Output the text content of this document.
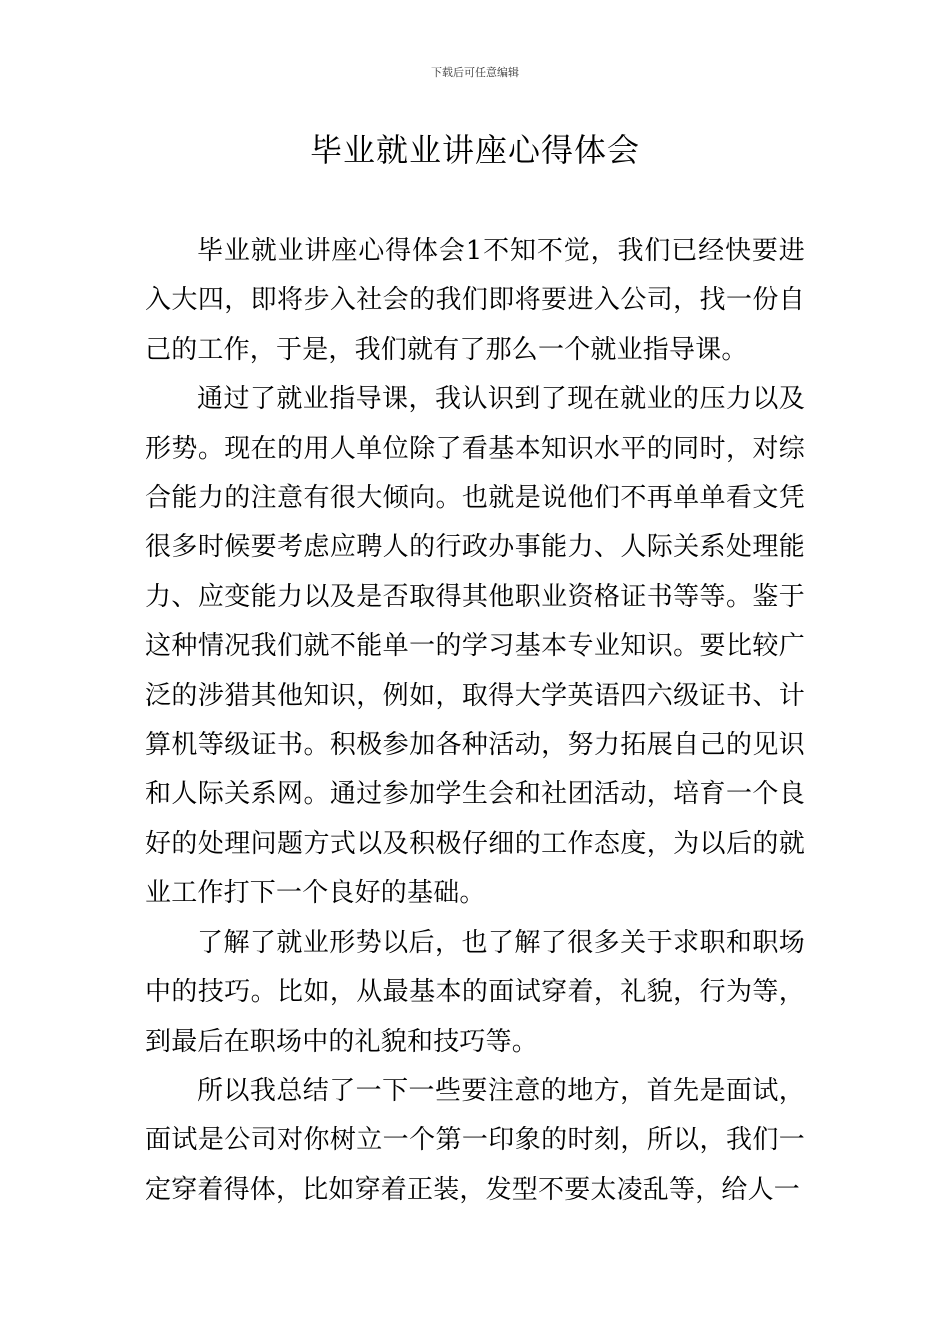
下载后可任意编辑
毕业就业讲座心得体会

毕业就业讲座心得体会1不知不觉，我们已经快要进入大四，即将步入社会的我们即将要进入公司，找一份自己的工作，于是，我们就有了那么一个就业指导课。

通过了就业指导课，我认识到了现在就业的压力以及形势。现在的用人单位除了看基本知识水平的同时，对综合能力的注意有很大倾向。也就是说他们不再单单看文凭很多时候要考虑应聘人的行政办事能力、人际关系处理能力、应变能力以及是否取得其他职业资格证书等等。鉴于这种情况我们就不能单一的学习基本专业知识。要比较广泛的涉猎其他知识，例如，取得大学英语四六级证书、计算机等级证书。积极参加各种活动，努力拓展自己的见识和人际关系网。通过参加学生会和社团活动，培育一个良好的处理问题方式以及积极仔细的工作态度，为以后的就业工作打下一个良好的基础。

了解了就业形势以后，也了解了很多关于求职和职场中的技巧。比如，从最基本的面试穿着，礼貌，行为等，到最后在职场中的礼貌和技巧等。

所以我总结了一下一些要注意的地方，首先是面试，面试是公司对你树立一个第一印象的时刻，所以，我们一定穿着得体，比如穿着正装，发型不要太凌乱等，给人一
